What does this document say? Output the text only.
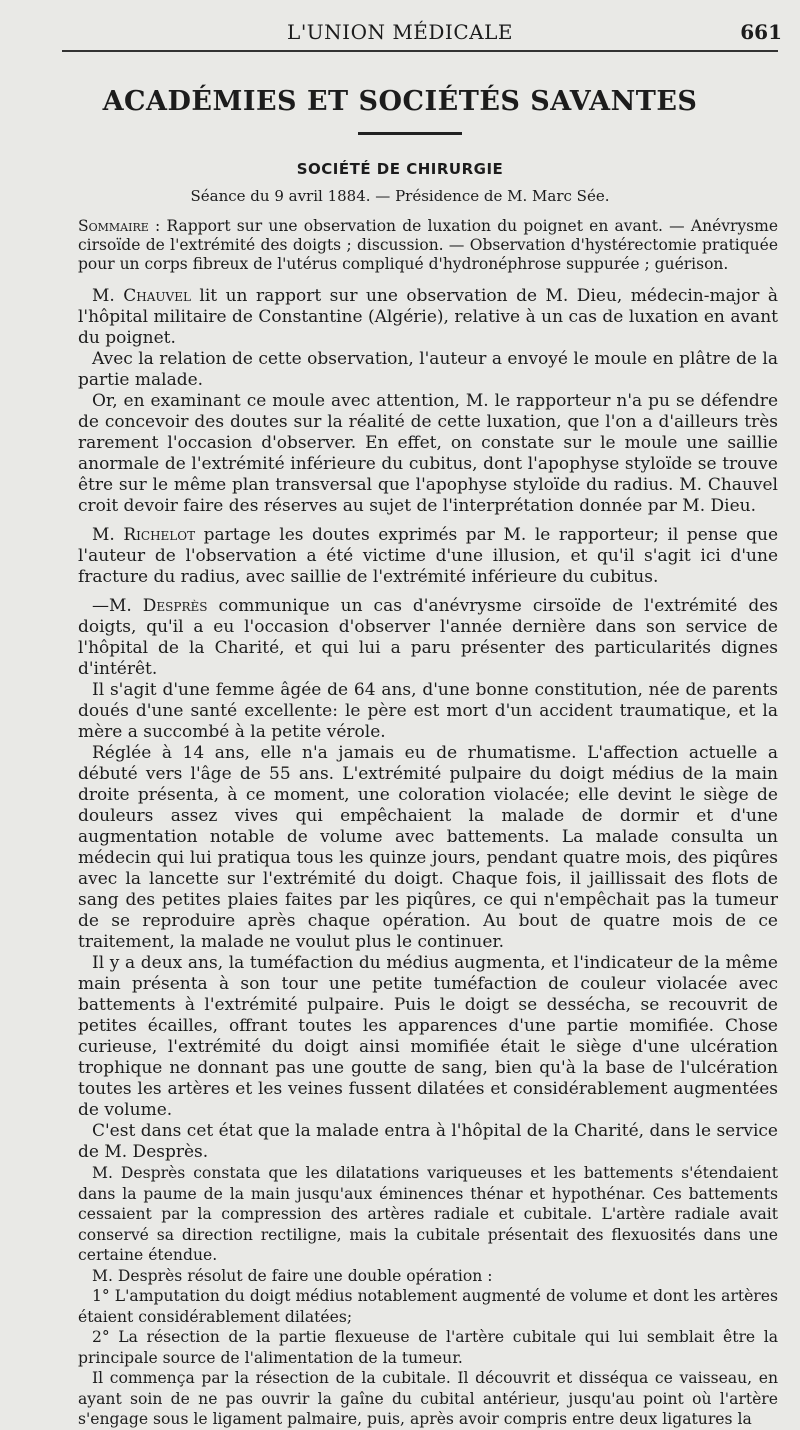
L'UNION MÉDICALE	661
ACADÉMIES ET SOCIÉTÉS SAVANTES
SOCIÉTÉ DE CHIRURGIE
Séance du 9 avril 1884. — Présidence de M. Marc Sée.
Sommaire : Rapport sur une observation de luxation du poignet en avant. — Anévrysme cirsoïde de l'extrémité des doigts ; discussion. — Observation d'hystérectomie pratiquée pour un corps fibreux de l'utérus compliqué d'hydronéphrose suppurée ; guérison.

M. Chauvel lit un rapport sur une observation de M. Dieu, médecin-major à l'hôpital militaire de Constantine (Algérie), relative à un cas de luxation en avant du poignet.

Avec la relation de cette observation, l'auteur a envoyé le moule en plâtre de la partie malade.

Or, en examinant ce moule avec attention, M. le rapporteur n'a pu se défendre de concevoir des doutes sur la réalité de cette luxation, que l'on a d'ailleurs très rarement l'occasion d'observer. En effet, on constate sur le moule une saillie anormale de l'extrémité inférieure du cubitus, dont l'apophyse styloïde se trouve être sur le même plan transversal que l'apophyse styloïde du radius. M. Chauvel croit devoir faire des réserves au sujet de l'interprétation donnée par M. Dieu.

M. Richelot partage les doutes exprimés par M. le rapporteur; il pense que l'auteur de l'observation a été victime d'une illusion, et qu'il s'agit ici d'une fracture du radius, avec saillie de l'extrémité inférieure du cubitus.

—M. Desprès communique un cas d'anévrysme cirsoïde de l'extrémité des doigts, qu'il a eu l'occasion d'observer l'année dernière dans son service de l'hôpital de la Charité, et qui lui a paru présenter des particularités dignes d'intérêt.

Il s'agit d'une femme âgée de 64 ans, d'une bonne constitution, née de parents doués d'une santé excellente: le père est mort d'un accident traumatique, et la mère a succombé à la petite vérole.

Réglée à 14 ans, elle n'a jamais eu de rhumatisme. L'affection actuelle a débuté vers l'âge de 55 ans. L'extrémité pulpaire du doigt médius de la main droite présenta, à ce moment, une coloration violacée; elle devint le siège de douleurs assez vives qui empêchaient la malade de dormir et d'une augmentation notable de volume avec battements. La malade consulta un médecin qui lui pratiqua tous les quinze jours, pendant quatre mois, des piqûres avec la lancette sur l'extrémité du doigt. Chaque fois, il jaillissait des flots de sang des petites plaies faites par les piqûres, ce qui n'empêchait pas la tumeur de se reproduire après chaque opération. Au bout de quatre mois de ce traitement, la malade ne voulut plus le continuer.

Il y a deux ans, la tuméfaction du médius augmenta, et l'indicateur de la même main présenta à son tour une petite tuméfaction de couleur violacée avec battements à l'extrémité pulpaire. Puis le doigt se dessécha, se recouvrit de petites écailles, offrant toutes les apparences d'une partie momifiée. Chose curieuse, l'extrémité du doigt ainsi momifiée était le siège d'une ulcération trophique ne donnant pas une goutte de sang, bien qu'à la base de l'ulcération toutes les artères et les veines fussent dilatées et considérablement augmentées de volume.

C'est dans cet état que la malade entra à l'hôpital de la Charité, dans le service de M. Desprès.

M. Desprès constata que les dilatations variqueuses et les battements s'étendaient dans la paume de la main jusqu'aux éminences thénar et hypothénar. Ces battements cessaient par la compression des artères radiale et cubitale. L'artère radiale avait conservé sa direction rectiligne, mais la cubitale présentait des flexuosités dans une certaine étendue.

M. Desprès résolut de faire une double opération :

1° L'amputation du doigt médius notablement augmenté de volume et dont les artères étaient considérablement dilatées;

2° La résection de la partie flexueuse de l'artère cubitale qui lui semblait être la principale source de l'alimentation de la tumeur.

Il commença par la résection de la cubitale. Il découvrit et disséqua ce vaisseau, en ayant soin de ne pas ouvrir la gaîne du cubital antérieur, jusqu'au point où l'artère s'engage sous le ligament palmaire, puis, après avoir compris entre deux ligatures la
